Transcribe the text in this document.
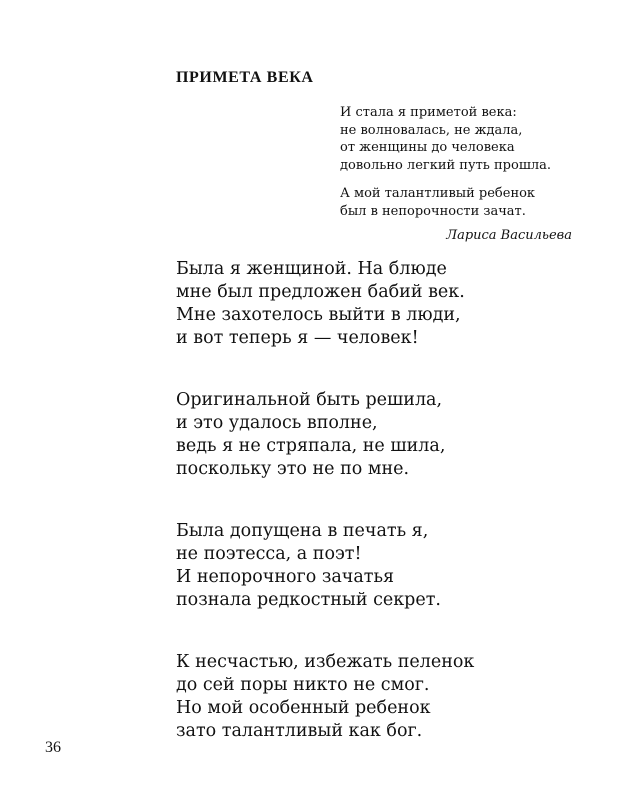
ПРИМЕТА ВЕКА
И стала я приметой века:
не волновалась, не ждала,
от женщины до человека
довольно легкий путь прошла.
А мой талантливый ребенок
был в непорочности зачат.
Лариса Васильева
Была я женщиной. На блюде
мне был предложен бабий век.
Мне захотелось выйти в люди,
и вот теперь я — человек!
Оригинальной быть решила,
и это удалось вполне,
ведь я не стряпала, не шила,
поскольку это не по мне.
Была допущена в печать я,
не поэтесса, а поэт!
И непорочного зачатья
познала редкостный секрет.
К несчастью, избежать пеленок
до сей поры никто не смог.
Но мой особенный ребенок
зато талантливый как бог.
36
